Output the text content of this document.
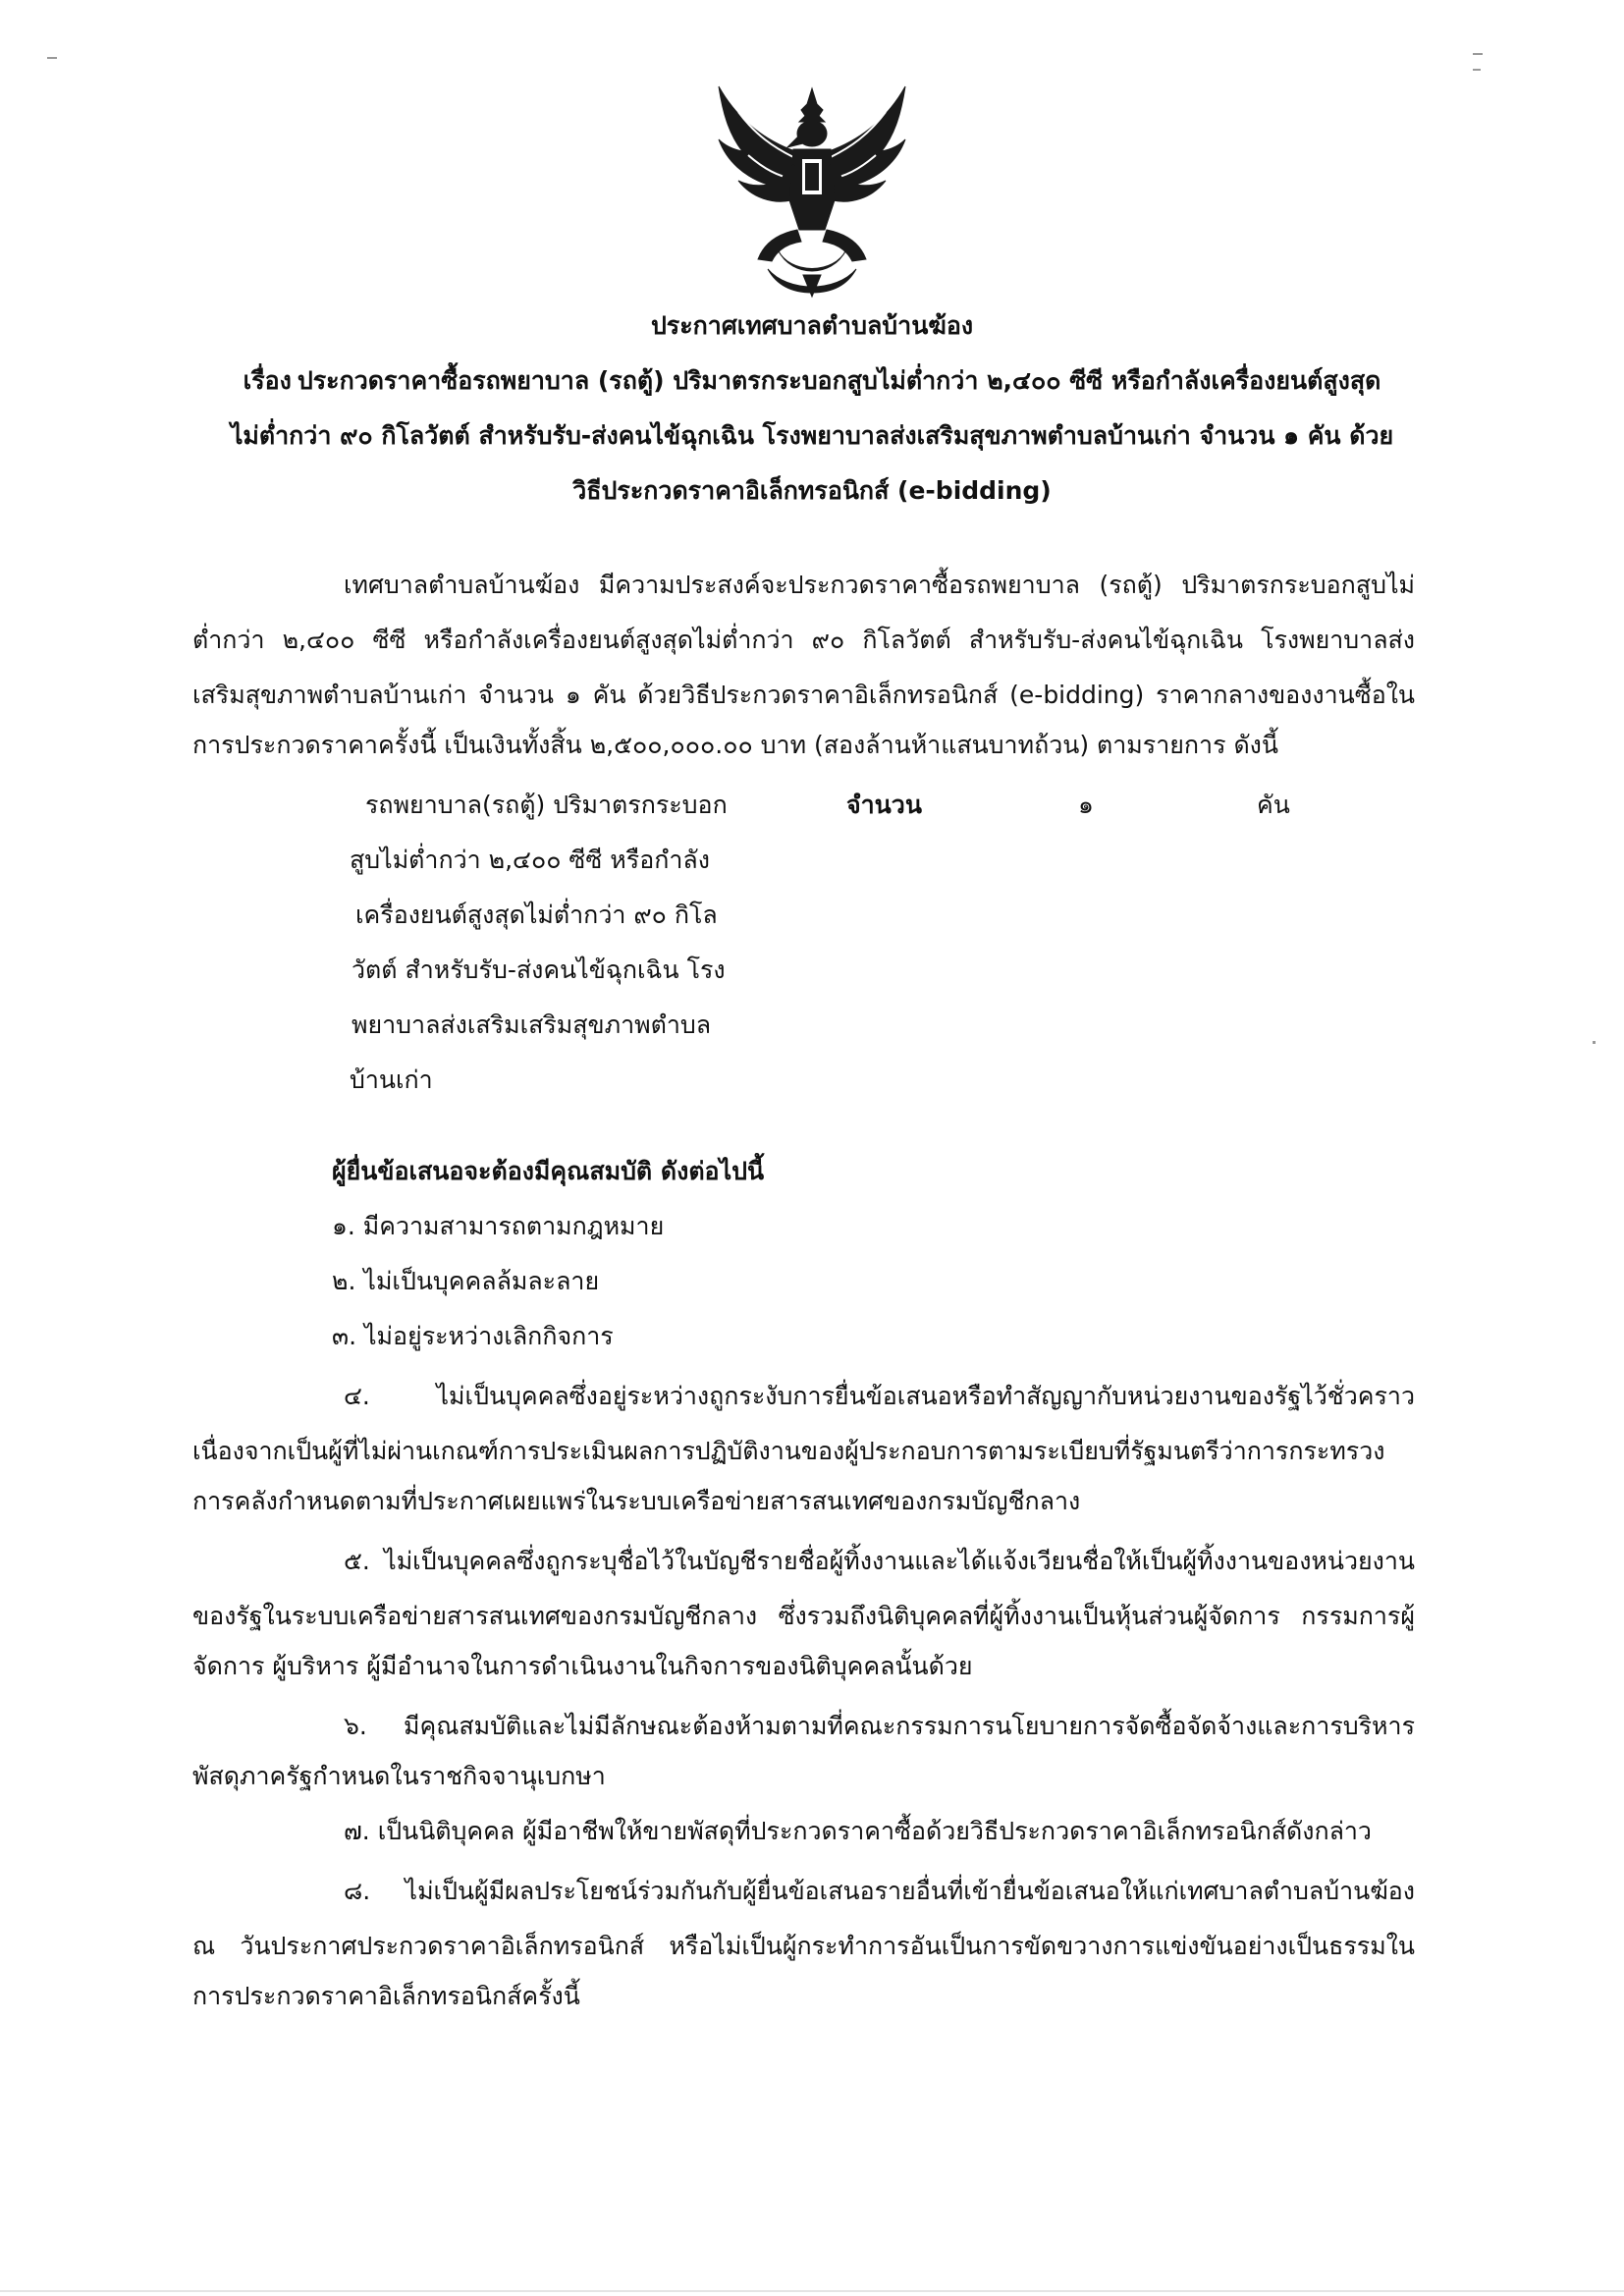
ประกาศเทศบาลตำบลบ้านฆ้อง
เรื่อง ประกวดราคาซื้อรถพยาบาล (รถตู้) ปริมาตรกระบอกสูบไม่ต่ำกว่า ๒,๔๐๐ ซีซี หรือกำลังเครื่องยนต์สูงสุด
ไม่ต่ำกว่า ๙๐ กิโลวัตต์ สำหรับรับ-ส่งคนไข้ฉุกเฉิน โรงพยาบาลส่งเสริมสุขภาพตำบลบ้านเก่า จำนวน ๑ คัน ด้วย
วิธีประกวดราคาอิเล็กทรอนิกส์ (e-bidding)
เทศบาลตำบลบ้านฆ้อง มีความประสงค์จะประกวดราคาซื้อรถพยาบาล (รถตู้) ปริมาตรกระบอกสูบไม่
ต่ำกว่า ๒,๔๐๐ ซีซี หรือกำลังเครื่องยนต์สูงสุดไม่ต่ำกว่า ๙๐ กิโลวัตต์ สำหรับรับ-ส่งคนไข้ฉุกเฉิน โรงพยาบาลส่ง
เสริมสุขภาพตำบลบ้านเก่า จำนวน ๑ คัน ด้วยวิธีประกวดราคาอิเล็กทรอนิกส์ (e-bidding) ราคากลางของงานซื้อใน
การประกวดราคาครั้งนี้ เป็นเงินทั้งสิ้น ๒,๕๐๐,๐๐๐.๐๐ บาท (สองล้านห้าแสนบาทถ้วน) ตามรายการ ดังนี้
รถพยาบาล(รถตู้) ปริมาตรกระบอก
สูบไม่ต่ำกว่า ๒,๔๐๐ ซีซี หรือกำลัง
เครื่องยนต์สูงสุดไม่ต่ำกว่า ๙๐ กิโล
วัตต์ สำหรับรับ-ส่งคนไข้ฉุกเฉิน โรง
พยาบาลส่งเสริมเสริมสุขภาพตำบล
บ้านเก่า
จำนวน	๑	คัน
ผู้ยื่นข้อเสนอจะต้องมีคุณสมบัติ ดังต่อไปนี้
๑. มีความสามารถตามกฎหมาย
๒. ไม่เป็นบุคคลล้มละลาย
๓. ไม่อยู่ระหว่างเลิกกิจการ
๔. ไม่เป็นบุคคลซึ่งอยู่ระหว่างถูกระงับการยื่นข้อเสนอหรือทำสัญญากับหน่วยงานของรัฐไว้ชั่วคราว
เนื่องจากเป็นผู้ที่ไม่ผ่านเกณฑ์การประเมินผลการปฏิบัติงานของผู้ประกอบการตามระเบียบที่รัฐมนตรีว่าการกระทรวง
การคลังกำหนดตามที่ประกาศเผยแพร่ในระบบเครือข่ายสารสนเทศของกรมบัญชีกลาง
๕. ไม่เป็นบุคคลซึ่งถูกระบุชื่อไว้ในบัญชีรายชื่อผู้ทิ้งงานและได้แจ้งเวียนชื่อให้เป็นผู้ทิ้งงานของหน่วยงาน
ของรัฐในระบบเครือข่ายสารสนเทศของกรมบัญชีกลาง ซึ่งรวมถึงนิติบุคคลที่ผู้ทิ้งงานเป็นหุ้นส่วนผู้จัดการ กรรมการผู้
จัดการ ผู้บริหาร ผู้มีอำนาจในการดำเนินงานในกิจการของนิติบุคคลนั้นด้วย
๖. มีคุณสมบัติและไม่มีลักษณะต้องห้ามตามที่คณะกรรมการนโยบายการจัดซื้อจัดจ้างและการบริหาร
พัสดุภาครัฐกำหนดในราชกิจจานุเบกษา
๗. เป็นนิติบุคคล ผู้มีอาชีพให้ขายพัสดุที่ประกวดราคาซื้อด้วยวิธีประกวดราคาอิเล็กทรอนิกส์ดังกล่าว
๘. ไม่เป็นผู้มีผลประโยชน์ร่วมกันกับผู้ยื่นข้อเสนอรายอื่นที่เข้ายื่นข้อเสนอให้แก่เทศบาลตำบลบ้านฆ้อง
ณ วันประกาศประกวดราคาอิเล็กทรอนิกส์ หรือไม่เป็นผู้กระทำการอันเป็นการขัดขวางการแข่งขันอย่างเป็นธรรมใน
การประกวดราคาอิเล็กทรอนิกส์ครั้งนี้
